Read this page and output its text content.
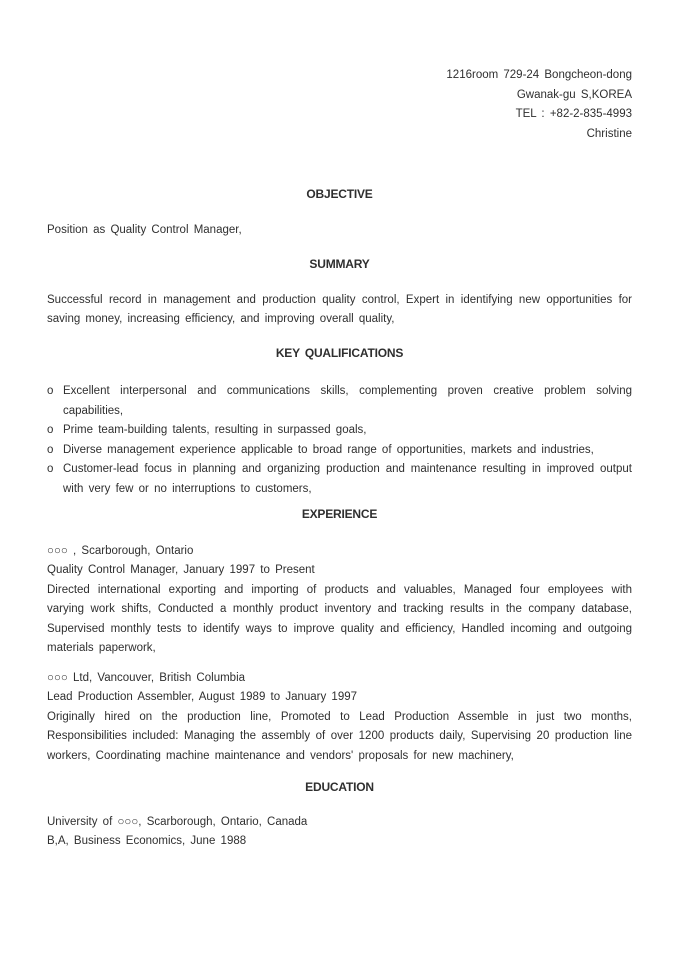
1216room 729-24 Bongcheon-dong
Gwanak-gu S,KOREA
TEL : +82-2-835-4993
Christine
OBJECTIVE

Position as Quality Control Manager,

SUMMARY

Successful record in management and production quality control, Expert in identifying new opportunities for saving money, increasing efficiency, and improving overall quality,

KEY QUALIFICATIONS
o Excellent interpersonal and communications skills, complementing proven creative problem solving capabilities,
o Prime team-building talents, resulting in surpassed goals,
o Diverse management experience applicable to broad range of opportunities, markets and industries,
o Customer-lead focus in planning and organizing production and maintenance resulting in improved output with very few or no interruptions to customers,
EXPERIENCE
○○○ , Scarborough, Ontario
Quality Control Manager, January 1997 to Present

Directed international exporting and importing of products and valuables, Managed four employees with varying work shifts, Conducted a monthly product inventory and tracking results in the company database, Supervised monthly tests to identify ways to improve quality and efficiency, Handled incoming and outgoing materials paperwork,

○○○ Ltd, Vancouver, British Columbia
Lead Production Assembler, August 1989 to January 1997

Originally hired on the production line, Promoted to Lead Production Assemble in just two months, Responsibilities included: Managing the assembly of over 1200 products daily, Supervising 20 production line workers, Coordinating machine maintenance and vendors' proposals for new machinery,

EDUCATION
University of ○○○, Scarborough, Ontario, Canada
B,A, Business Economics, June 1988
